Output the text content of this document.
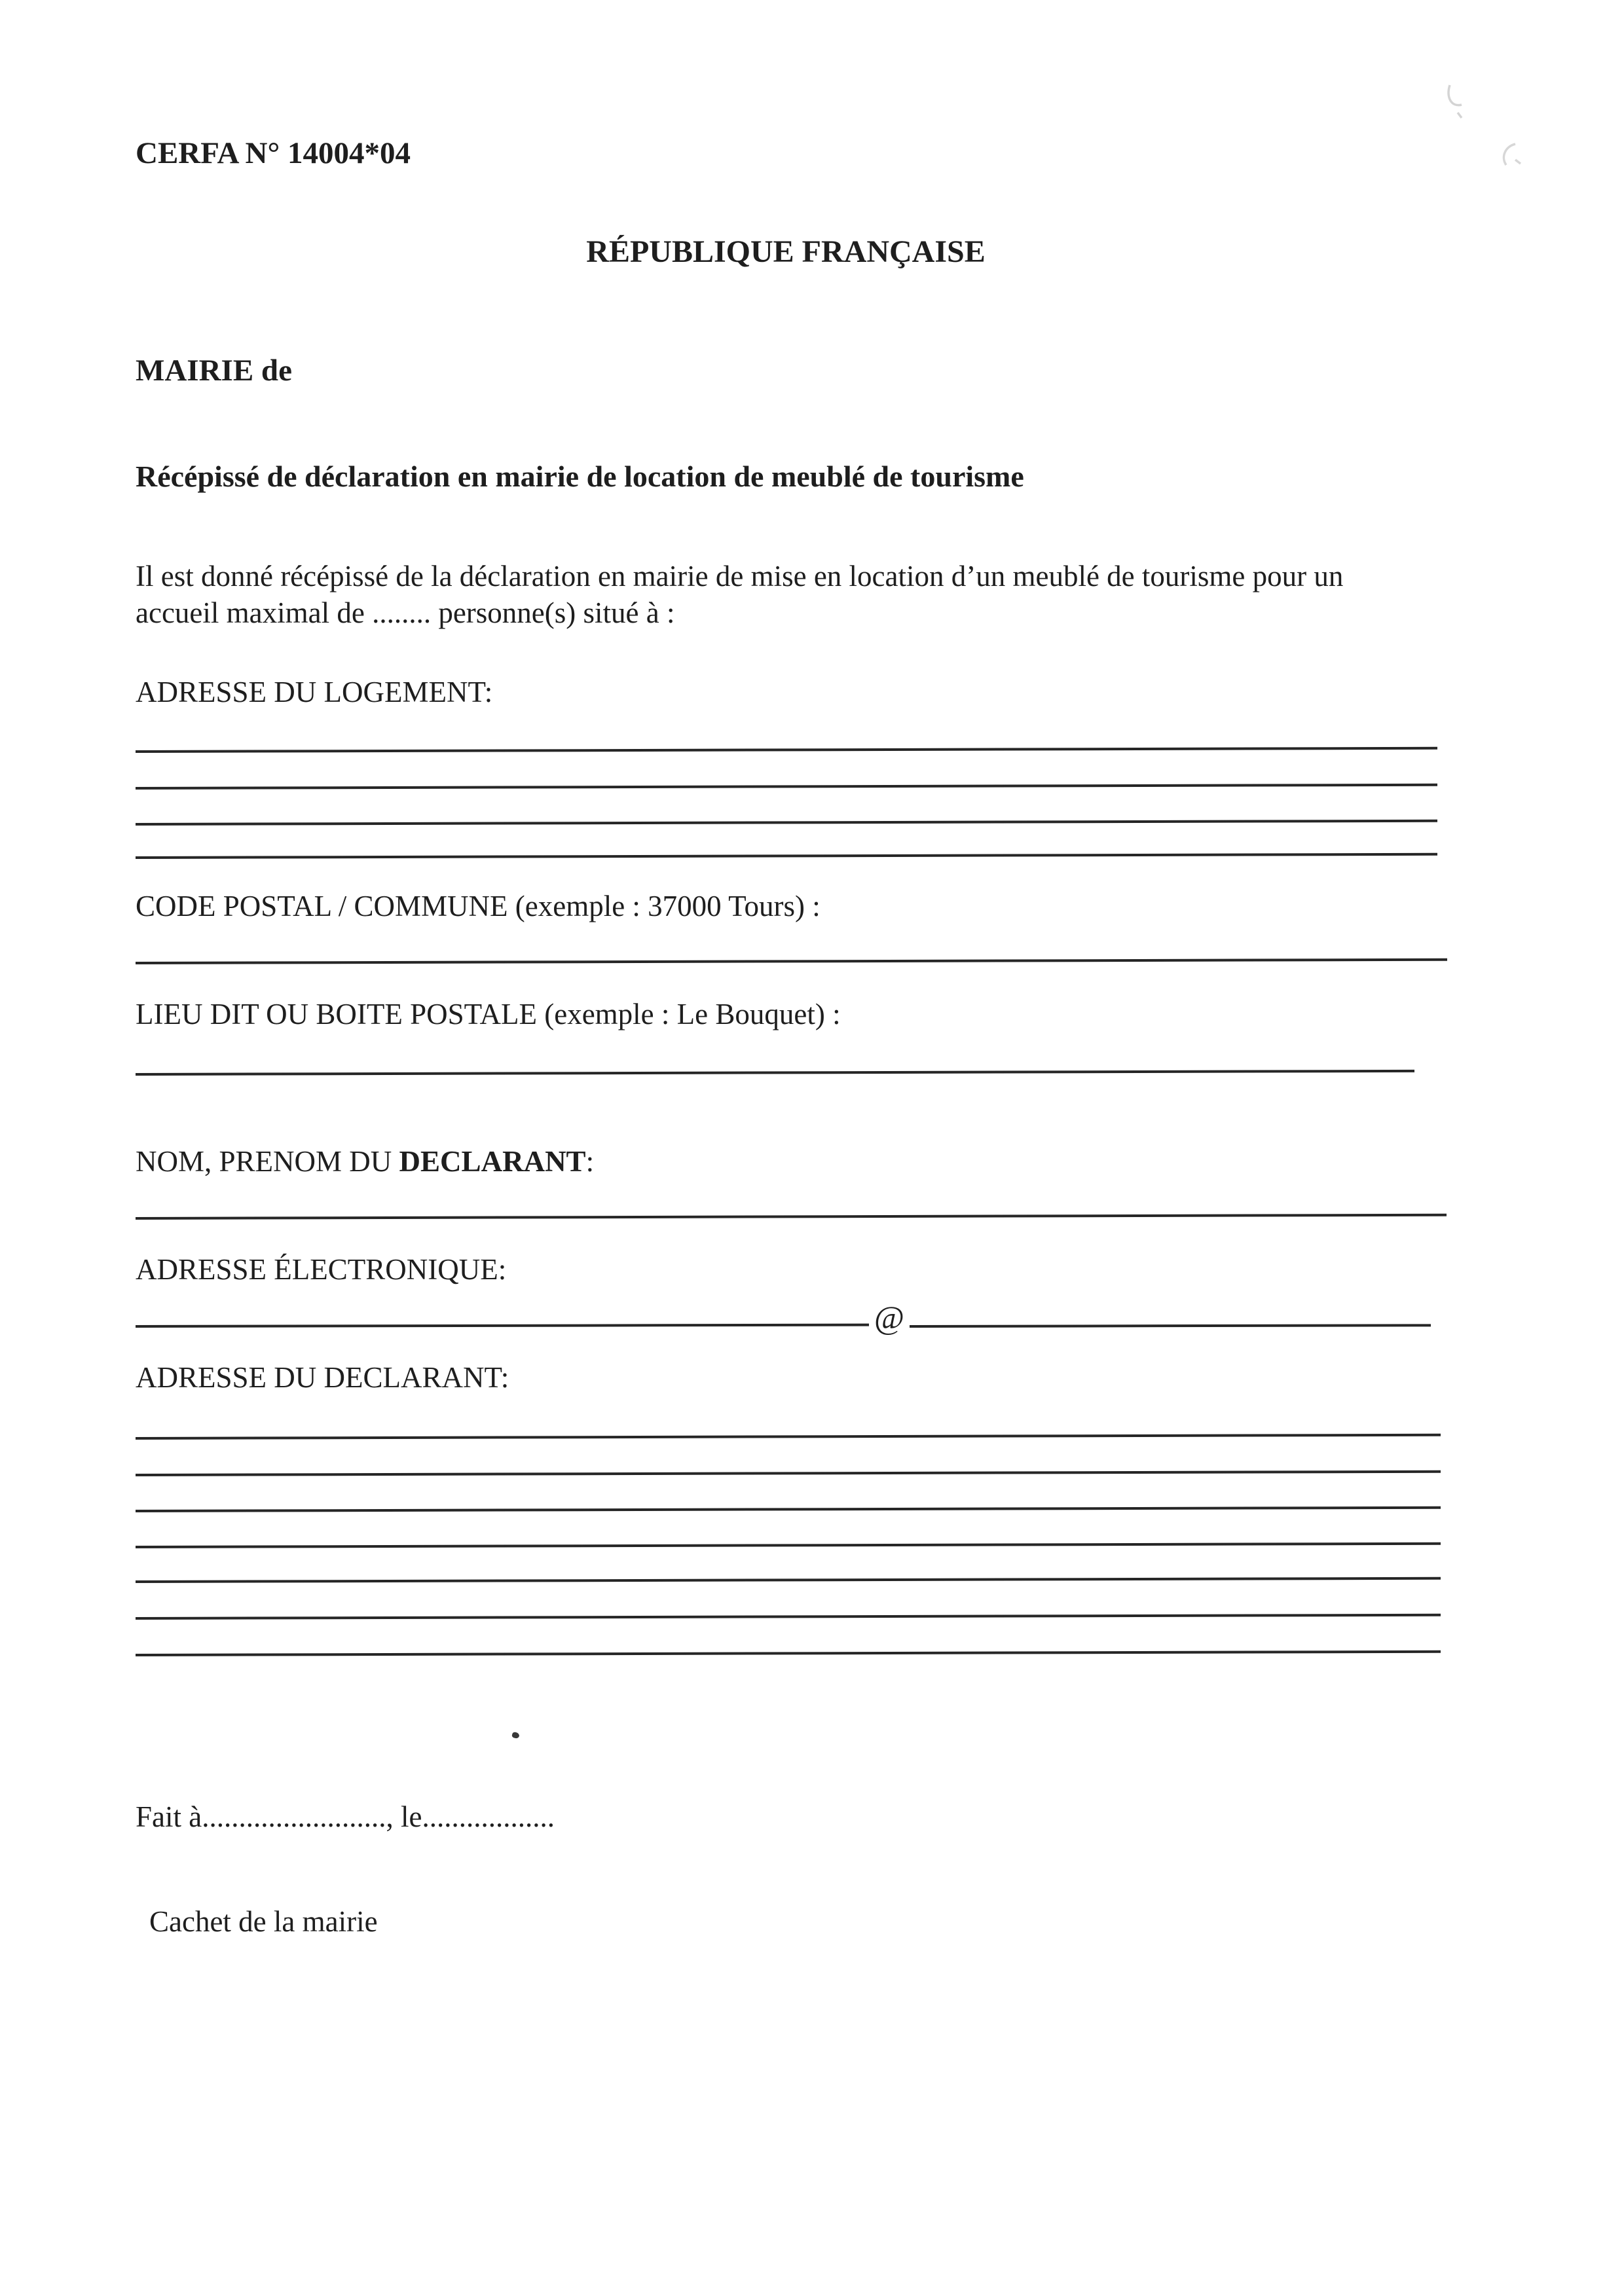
CERFA N° 14004*04
RÉPUBLIQUE FRANÇAISE
MAIRIE de
Récépissé de déclaration en mairie de location de meublé de tourisme
Il est donné récépissé de la déclaration en mairie de mise en location d’un meublé de tourisme pour un
accueil maximal de ........ personne(s) situé à :
ADRESSE DU LOGEMENT:
CODE POSTAL / COMMUNE (exemple : 37000 Tours) :
LIEU DIT OU BOITE POSTALE (exemple : Le Bouquet) :
NOM, PRENOM DU DECLARANT:
ADRESSE ÉLECTRONIQUE:
@
ADRESSE DU DECLARANT:
Fait à........................., le..................
Cachet de la mairie
